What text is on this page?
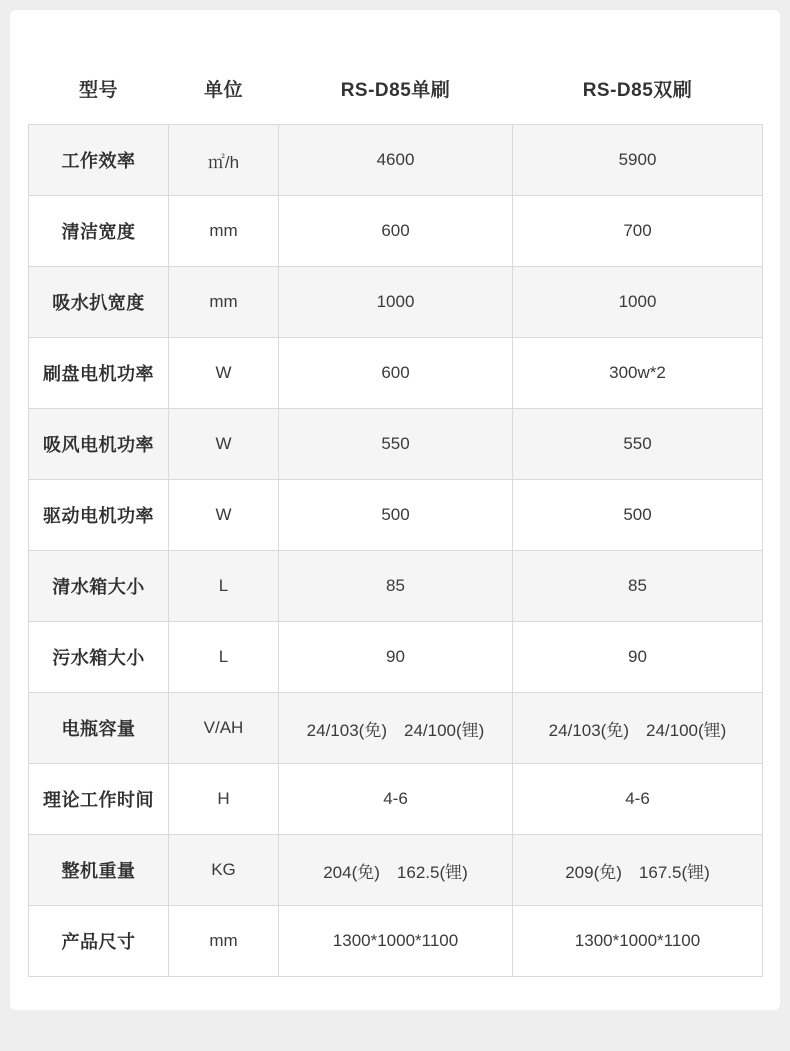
型号	单位	RS-D85单刷	RS-D85双刷
工作效率	㎡/h	4600	5900
清洁宽度	mm	600	700
吸水扒宽度	mm	1000	1000
刷盘电机功率	W	600	300w*2
吸风电机功率	W	550	550
驱动电机功率	W	500	500
清水箱大小	L	85	85
污水箱大小	L	90	90
电瓶容量	V/AH	24/103(免)　24/100(锂)	24/103(免)　24/100(锂)
理论工作时间	H	4-6	4-6
整机重量	KG	204(免)　162.5(锂)	209(免)　167.5(锂)
产品尺寸	mm	1300*1000*1100	1300*1000*1100
